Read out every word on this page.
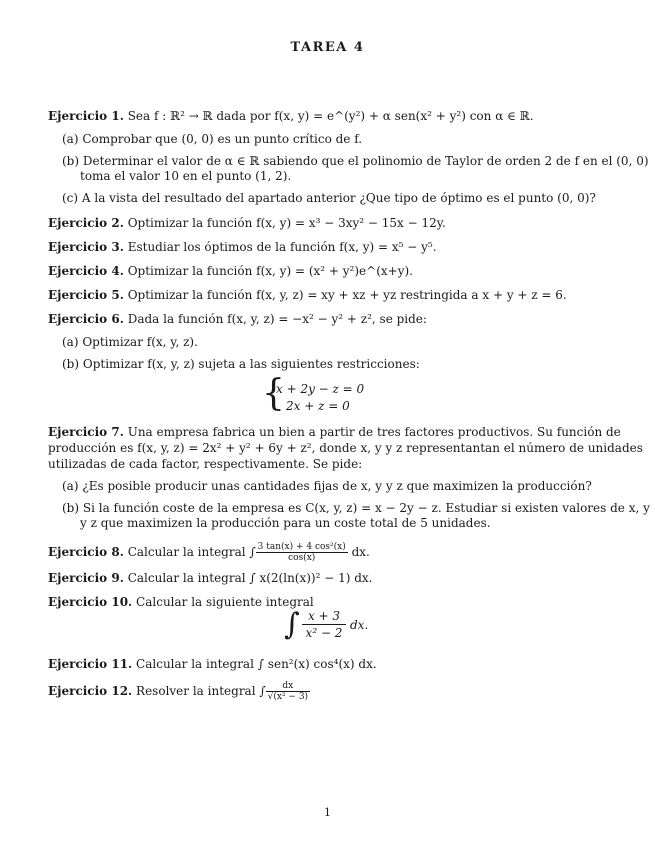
TAREA 4
Ejercicio 1. Sea f : ℝ² → ℝ dada por f(x, y) = e^(y²) + α sen(x² + y²) con α ∈ ℝ.
(a) Comprobar que (0, 0) es un punto crítico de f.
(b) Determinar el valor de α ∈ ℝ sabiendo que el polinomio de Taylor de orden 2 de f en el (0, 0)
toma el valor 10 en el punto (1, 2).
(c) A la vista del resultado del apartado anterior ¿Que tipo de óptimo es el punto (0, 0)?
Ejercicio 2. Optimizar la función f(x, y) = x³ − 3xy² − 15x − 12y.
Ejercicio 3. Estudiar los óptimos de la función f(x, y) = x⁵ − y⁵.
Ejercicio 4. Optimizar la función f(x, y) = (x² + y²)e^(x+y).
Ejercicio 5. Optimizar la función f(x, y, z) = xy + xz + yz restringida a x + y + z = 6.
Ejercicio 6. Dada la función f(x, y, z) = −x² − y² + z², se pide:
(a) Optimizar f(x, y, z).
(b) Optimizar f(x, y, z) sujeta a las siguientes restricciones:
{
x + 2y − z = 0
2x + z = 0
Ejercicio 7. Una empresa fabrica un bien a partir de tres factores productivos. Su función de
producción es f(x, y, z) = 2x² + y² + 6y + z², donde x, y y z representantan el número de unidades
utilizadas de cada factor, respectivamente. Se pide:
(a) ¿Es posible producir unas cantidades fijas de x, y y z que maximizen la producción?
(b) Si la función coste de la empresa es C(x, y, z) = x − 2y − z. Estudiar si existen valores de x, y
y z que maximizen la producción para un coste total de 5 unidades.
Ejercicio 8. Calcular la integral ∫ $\frac{\text{3 tan(x) + 4 cos²(x)}}{\cos(x)}$ dx.
Ejercicio 9. Calcular la integral ∫ x(2(ln(x))² − 1) dx.
Ejercicio 10. Calcular la siguiente integral
∫ $\frac{x + 3}{\text{x² − 2}}$ dx.
Ejercicio 11. Calcular la integral ∫ sen²(x) cos⁴(x) dx.
Ejercicio 12. Resolver la integral ∫ $\frac{dx}{\text{√(x² − 3)}}$
1
